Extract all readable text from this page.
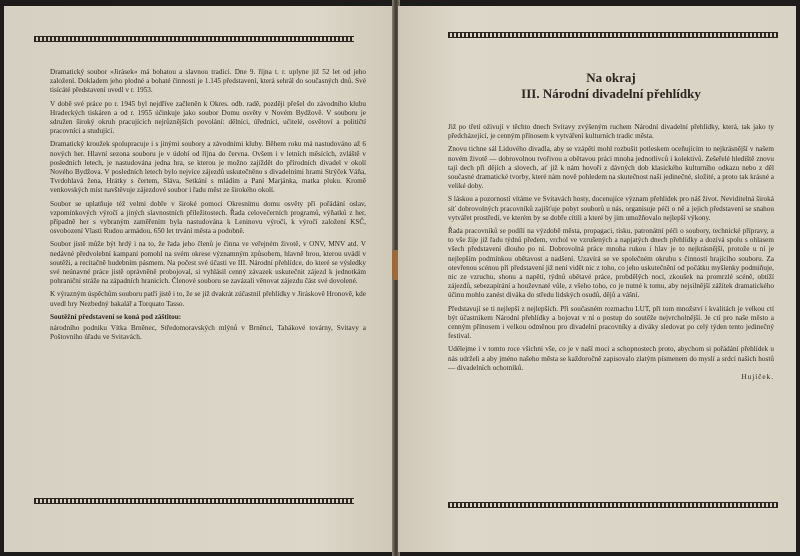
Dramatický soubor »Jirásek« má bohatou a slavnou tradici. Dne 9. října t. r. uplyne již 52 let od jeho založení. Dokladem jeho plodné a bohaté činnosti je 1.145 představení, která sehrál do současných dnů. Své tisícáté představení uvedl v r. 1953.

V době své práce po r. 1945 byl nejdříve začleněn k Okres. odb. radě, později přešel do závodního klubu Hradeckých tiskáren a od r. 1955 účinkuje jako soubor Domu osvěty v Novém Bydžově. V souboru je sdružen široký okruh pracujících nejrůznějších povolání: dělníci, úředníci, učitelé, osvětoví a političtí pracovníci a studující.

Dramatický kroužek spolupracuje i s jinými soubory a závodními kluby. Během roku má nastudováno až 6 nových her. Hlavní sezona souboru je v údobí od října do června. Ovšem i v letních měsících, zvláště v posledních letech, je nastudována jedna hra, se kterou je možno zajíždět do přírodních divadel v okolí Nového Bydžova. V posledních letech bylo nejvíce zájezdů uskutečněno s divadelními hrami Strýček Váňa, Tvrdohlavá žena, Hrátky s čertem, Sláva, Setkání s mládím a Paní Marjánka, matka pluku. Kromě venkovských míst navštěvuje zájezdové soubor i řadu měst ze širokého okolí.

Soubor se uplatňuje též velmi dobře v široké pomoci Okresnímu domu osvěty při pořádání oslav, vzpomínkových výročí a jiných slavnostních příležitostech. Řada celovečerních programů, výňatků z her, případně her s vybraným zaměřením byla nastudována k Leninovu výročí, k výročí založení KSČ, osvobození Vlasti Rudou armádou, 650 let trvání města a podobně.

Soubor jistě může být hrdý i na to, že řada jeho členů je činna ve veřejném životě, v ONV, MNV atd. V nedávné předvolební kampani pomohl na svém okrese významným způsobem, hlavně hrou, kterou uvádí v soutěži, a recitačně hudebním pásmem. Na počest své účasti ve III. Národní přehlídce, do které se výsledky své neúnavné práce jistě oprávněně probojoval, si vyhlásil cenný závazek uskutečnit zájezd k jednotkám pohraniční stráže na západních hranicích. Členové souboru se zavázali věnovat zájezdu část své dovolené.

K výrazným úspěchům souboru patří jistě i to, že se již dvakrát zúčastnil přehlídky v Jiráskově Hronově, kde uvedl hry Nezbedný bakalář a Torquato Tasso.

Soutěžní představení se koná pod záštitou:

národního podniku Vítka Brněnec, Středomoravských mlýnů v Brněnci, Tabákové továrny, Svitavy a Poštovního úřadu ve Svitavách.

Na okraj
III. Národní divadelní přehlídky

Již po třetí oživují v těchto dnech Svitavy zvýšeným ruchem Národní divadelní přehlídky, která, tak jako ty předcházející, je cenným přínosem k vytváření kulturních tradic města.

Znovu tichne sál Lidového divadla, aby se vzápětí mohl rozbušit potleskem oceňujícím to nejkrásnější v našem novém životě — dobrovolnou tvořivou a obětavou práci mnoha jednotlivců i kolektivů. Zešeřelé hlediště znovu tají dech při dějích a slovech, ať již k nám hovoří z dávných dob klasického kulturního odkazu nebo z děl současné dramatické tvorby, které nám nově pohledem na skutečnost naši jedinečné, složité, a proto tak krásné a veliké doby.

S láskou a pozorností vítáme ve Svitavách hosty, docenujíce význam přehlídek pro náš život. Neviditelná široká síť dobrovolných pracovníků zajišťuje pobyt souborů u nás, organisuje péči o ně a jejich představení se snahou vytvářet prostředí, ve kterém by se dobře cítili a které by jim umožňovalo nejlepší výkony.

Řada pracovníků se podílí na výzdobě města, propagaci, tisku, patronátní péči o soubory, technické přípravy, a to vše žije již řadu týdnů předem, vrchol ve vzrušených a napjatých dnech přehlídky a dozívá spolu s ohlasem všech představení dlouho po ní. Dobrovolná práce mnoha rukou i hlav je to nejkrásnější, protože u ní je nejlepším podmínkou obětavost a nadšení. Uzavírá se ve společném okruhu s činností hrajícího souboru. Za otevřenou scénou při představení již není vidět nic z toho, co jeho uskutečnění od počátku myšlenky podmiňuje, nic ze vzruchu, shonu a napětí, týdnů obětavé práce, probdělých nocí, zkoušek na promrzlé scéně, obtíží zájezdů, sebezapírání a houževnaté vůle, z všeho toho, co je nutné k tomu, aby nejsilnější zážitek dramatického účinu mohlo zanést diváka do středu lidských osudů, dějů a vášní.

Představují se ti nejlepší z nejlepších. Při současném rozmachu LUT, při tom množství i kvalitách je velkou ctí být účastníkem Národní přehlídky a bojovat v ní o postup do soutěže nejvrcholnější. Je ctí pro naše město a cenným přínosem i velkou odměnou pro divadelní pracovníky a diváky sledovat po celý týden tento jedinečný festival.

Udělejme i v tomto roce všichni vše, co je v naší moci a schopnostech proto, abychom si pořádání přehlídek u nás udrželi a aby jméno našeho města se každoročně zapisovalo zlatým písmenem do myslí a srdcí našich hostů — divadelních ochotníků.

Hujíček.
